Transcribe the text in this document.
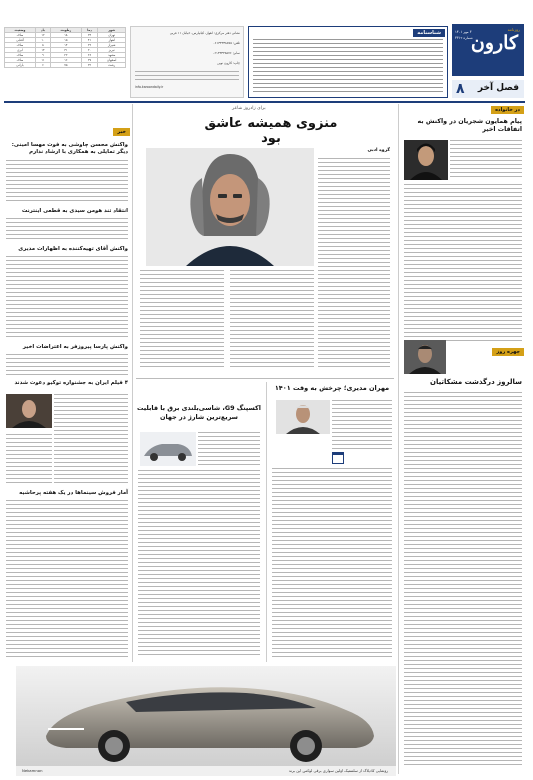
روزنامه
کارون
۳ مهر ۱۴۰۱
شماره ۳۳۱۲
۸ فصل آخر
شناسنامه
نشانی دفتر مرکزی: اهواز، کیانپارس، خیابان ۱۱ غربی
تلفن: ۰۶۱۳۳۳۳۸۵۷۵
نمابر: ۰۶۱۳۳۳۳۸۵۷۶
چاپ: کارون نوین
info.karoondaily.ir
شهر	دما	رطوبت	باد	وضعیت
تهران	۲۴	۱۸	۱۲	صاف
اهواز	۴۱	۱۵	۱۰	آفتابی
شیراز	۲۹	۱۴	۸	صاف
تبریز	۲۰	۳۱	۱۴	ابری
مشهد	۲۶	۲۲	۹	صاف
اصفهان	۲۷	۱۶	۱۱	صاف
رشت	۲۲	۷۵	۶	بارانی
در خانواده
پیام همایون شجریان در واکنش به اتفاقات اخیر
چهره روز
سالروز درگذشت مشکاتیان
برای زادروز شاعر
منزوی همیشه عاشق بود
گروه ادبی
مهران مدیری؛ چرخش به وقت ۱۴۰۱
اکسپنگ G9، شاسی‌بلندی برق با قابلیت سریع‌ترین شارژ در جهان
خبر
واکنش محسن چاوشی به فوت مهسا امینی: دیگر تمایلی به همکاری با ارشاد ندارم
انتقاد تند هومن سیدی به قطعی اینترنت
واکنش آقای تهیه‌کننده به اظهارات مدیری
واکنش پارسا پیروزفر به اعتراضات اخیر
۴ فیلم ایران به جشنواره توکیو دعوت شدند
آمار فروش سینماها در یک هفته پرحاشیه
رونمایی کادیلاک از سلستیک اولین سواری برقی لوکس این برند
Nekamnon
